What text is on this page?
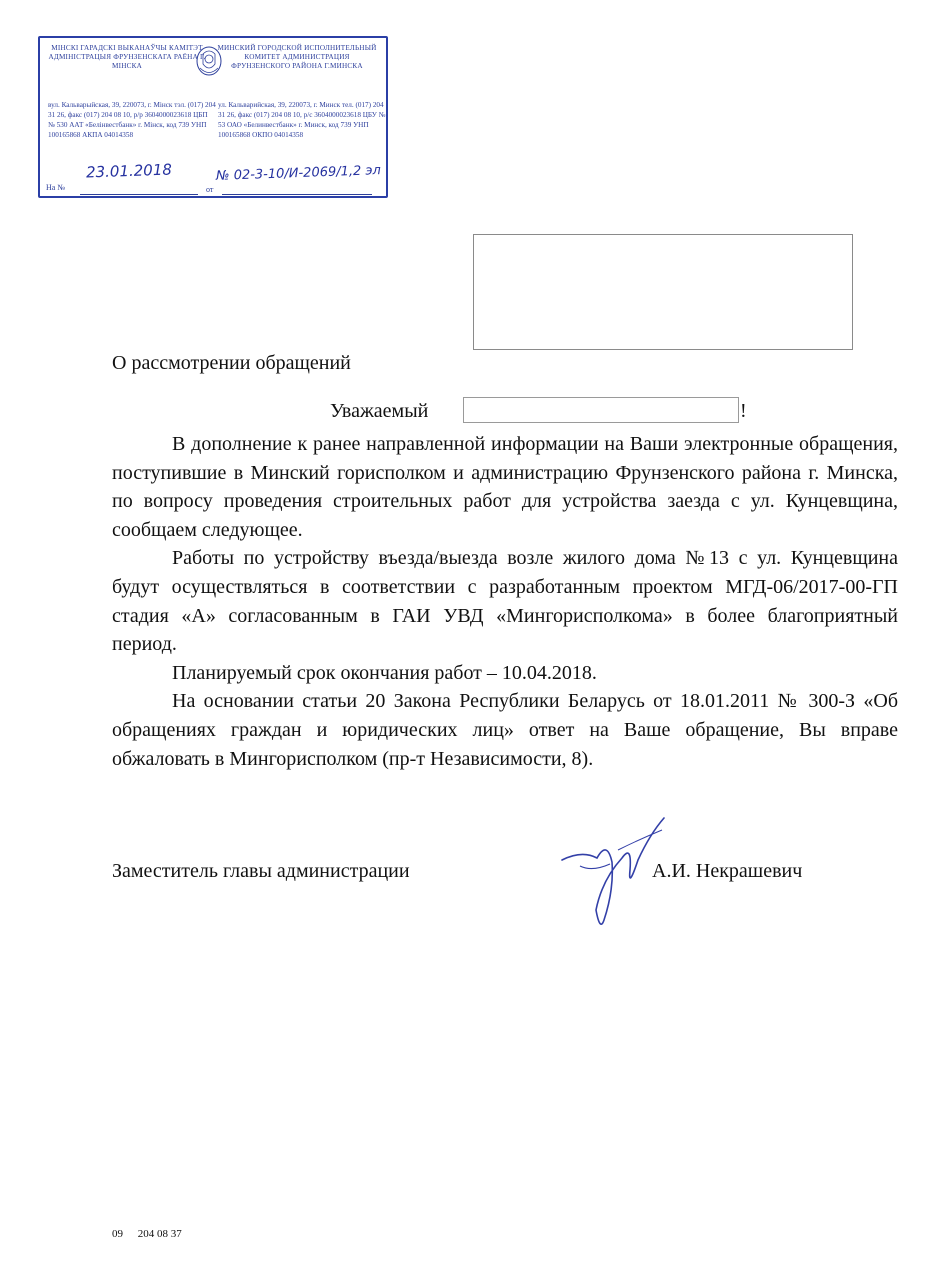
МІНСКІ ГАРАДСКІ ВЫКАНАЎЧЫ КАМІТЭТ АДМІНІСТРАЦЫЯ ФРУНЗЕНСКАГА РАЁНА Г. МІНСКА
МИНСКИЙ ГОРОДСКОЙ ИСПОЛНИТЕЛЬНЫЙ КОМИТЕТ АДМИНИСТРАЦИЯ ФРУНЗЕНСКОГО РАЙОНА Г.МИНСКА
вул. Кальварыйская, 39, 220073, г. Мінск тэл. (017) 204 31 26, факс (017) 204 08 10, р/р 3604000023618 ЦБП № 530 ААТ «Белінвестбанк» г. Мінск, код 739 УНП 100165868 АКПА 04014358
ул. Кальварийская, 39, 220073, г. Минск тел. (017) 204 31 26, факс (017) 204 08 10, р/с 3604000023618 ЦБУ № 53 ОАО «Белинвестбанк» г. Минск, код 739 УНП 100165868 ОКПО 04014358
23.01.2018	№ 02-3-10/И-2069/1,2 эл
На №	от
О рассмотрении обращений
Уважаемый	!

В дополнение к ранее направленной информации на Ваши электронные обращения, поступившие в Минский горисполком и администрацию Фрунзенского района г. Минска, по вопросу проведения строительных работ для устройства заезда с ул. Кунцевщина, сообщаем следующее.

Работы по устройству въезда/выезда возле жилого дома №13 с ул. Кунцевщина будут осуществляться в соответствии с разработанным проектом МГД-06/2017-00-ГП стадия «А» согласованным в ГАИ УВД «Мингорисполкома» в более благоприятный период.

Планируемый срок окончания работ – 10.04.2018.

На основании статьи 20 Закона Республики Беларусь от 18.01.2011 № 300-З «Об обращениях граждан и юридических лиц» ответ на Ваше обращение, Вы вправе обжаловать в Мингорисполком (пр-т Независимости, 8).

Заместитель главы администрации	А.И. Некрашевич
09 204 08 37
